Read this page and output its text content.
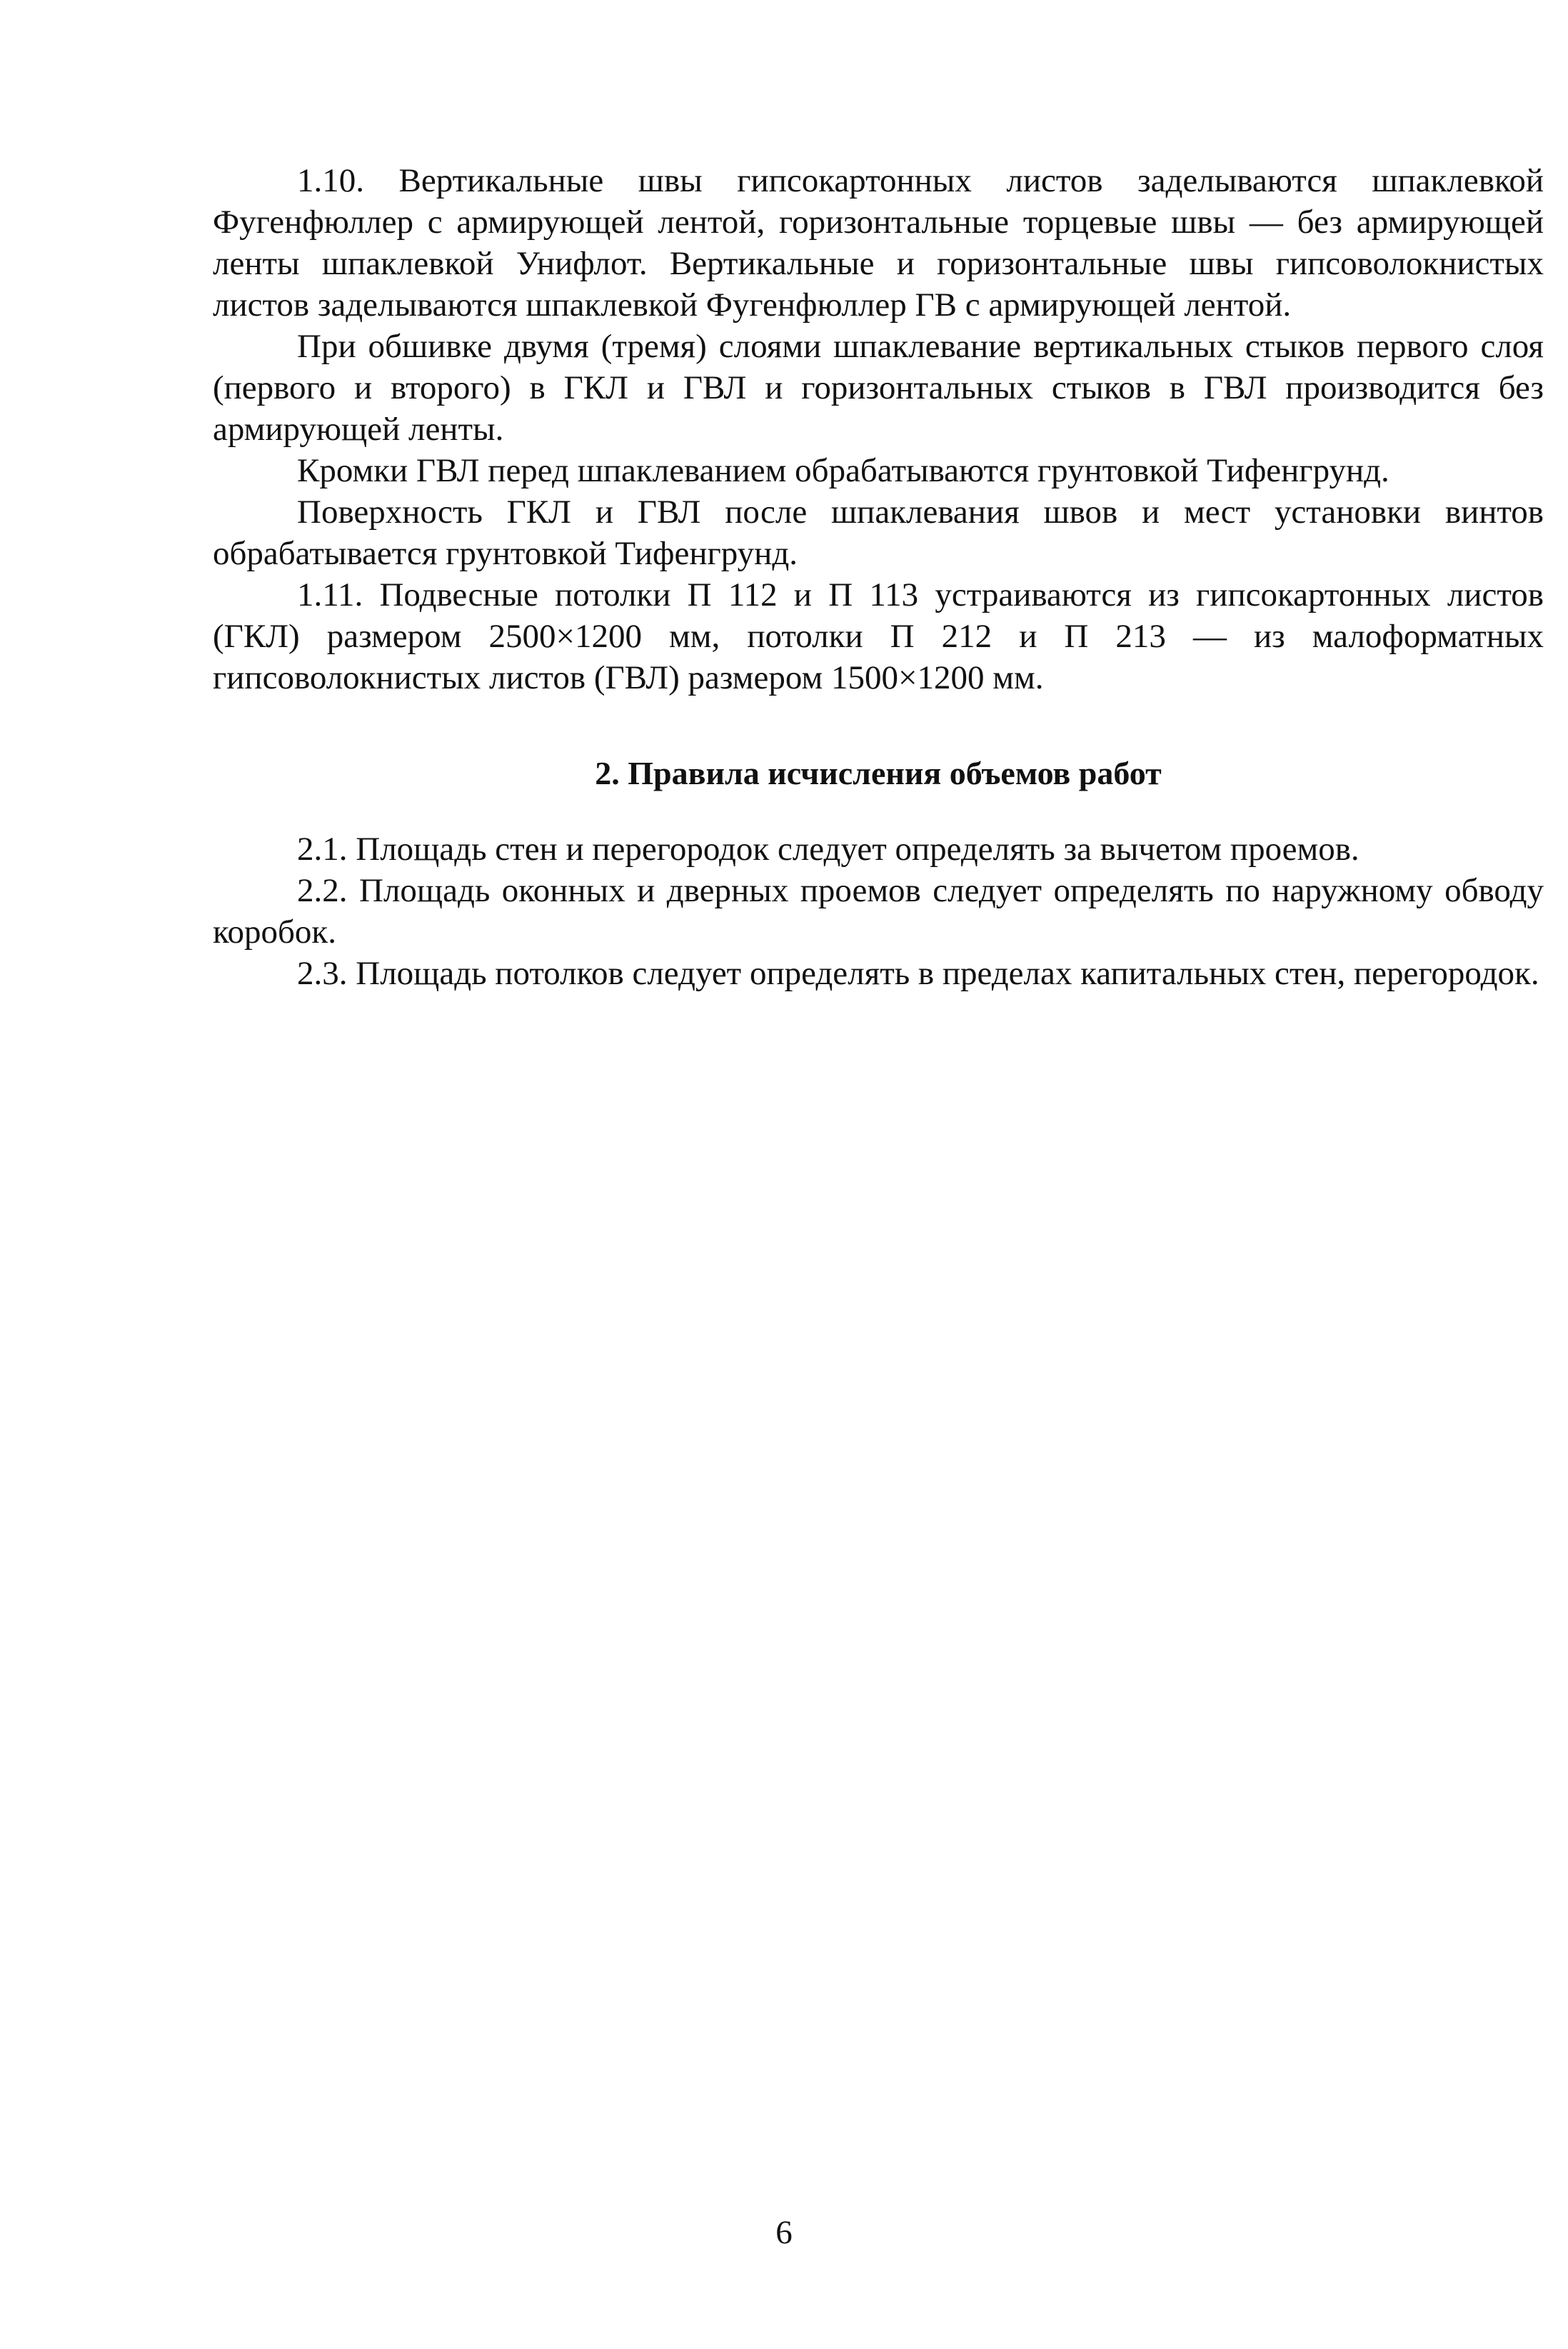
1.10. Вертикальные швы гипсокартонных листов заделываются шпаклевкой Фугенфюллер с армирующей лентой, горизонтальные торцевые швы — без армирующей ленты шпаклевкой Унифлот. Вертикальные и горизонтальные швы гипсоволокнистых листов заделываются шпаклевкой Фугенфюллер ГВ с армирующей лентой.

При обшивке двумя (тремя) слоями шпаклевание вертикальных стыков первого слоя (первого и второго) в ГКЛ и ГВЛ и горизонтальных стыков в ГВЛ производится без армирующей ленты.

Кромки ГВЛ перед шпаклеванием обрабатываются грунтовкой Тифенгрунд.

Поверхность ГКЛ и ГВЛ после шпаклевания швов и мест установки винтов обрабатывается грунтовкой Тифенгрунд.

1.11. Подвесные потолки П 112 и П 113 устраиваются из гипсокартонных листов (ГКЛ) размером 2500×1200 мм, потолки П 212 и П 213 — из малоформатных гипсоволокнистых листов (ГВЛ) размером 1500×1200 мм.

2. Правила исчисления объемов работ

2.1. Площадь стен и перегородок следует определять за вычетом проемов.

2.2. Площадь оконных и дверных проемов следует определять по наружному обводу коробок.

2.3. Площадь потолков следует определять в пределах капитальных стен, перегородок.

6
